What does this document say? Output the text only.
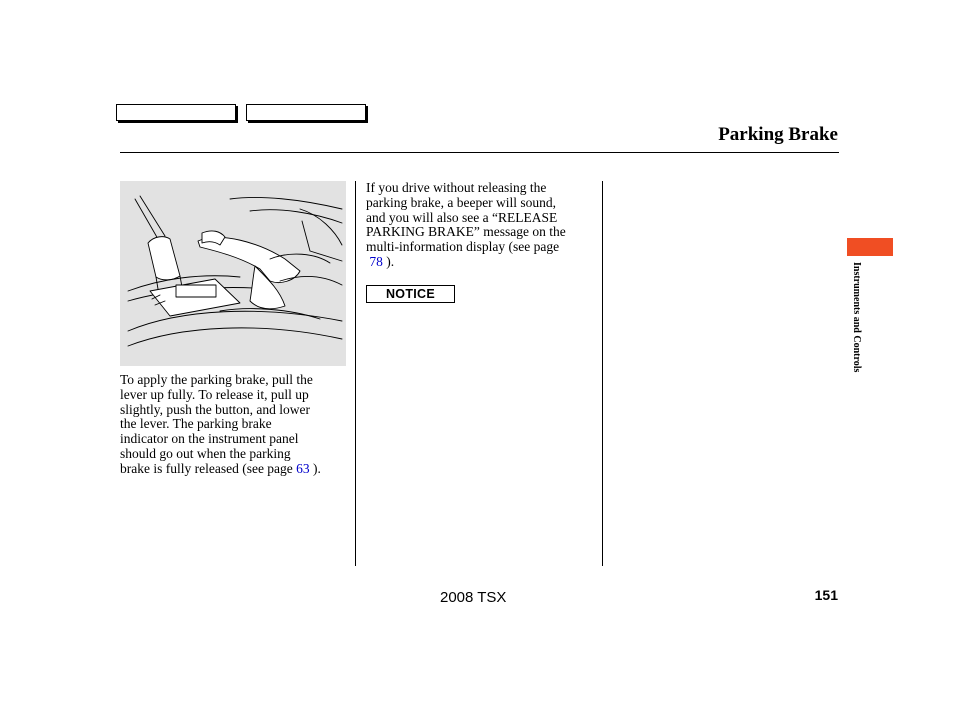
Parking Brake
To apply the parking brake, pull the
lever up fully. To release it, pull up
slightly, push the button, and lower
the lever. The parking brake
indicator on the instrument panel
should go out when the parking
brake is fully released (see page 63 ).
If you drive without releasing the
parking brake, a beeper will sound,
and you will also see a “RELEASE
PARKING BRAKE” message on the
multi-information display (see page
78 ).
NOTICE	Instruments and Controls
2008 TSX	151
